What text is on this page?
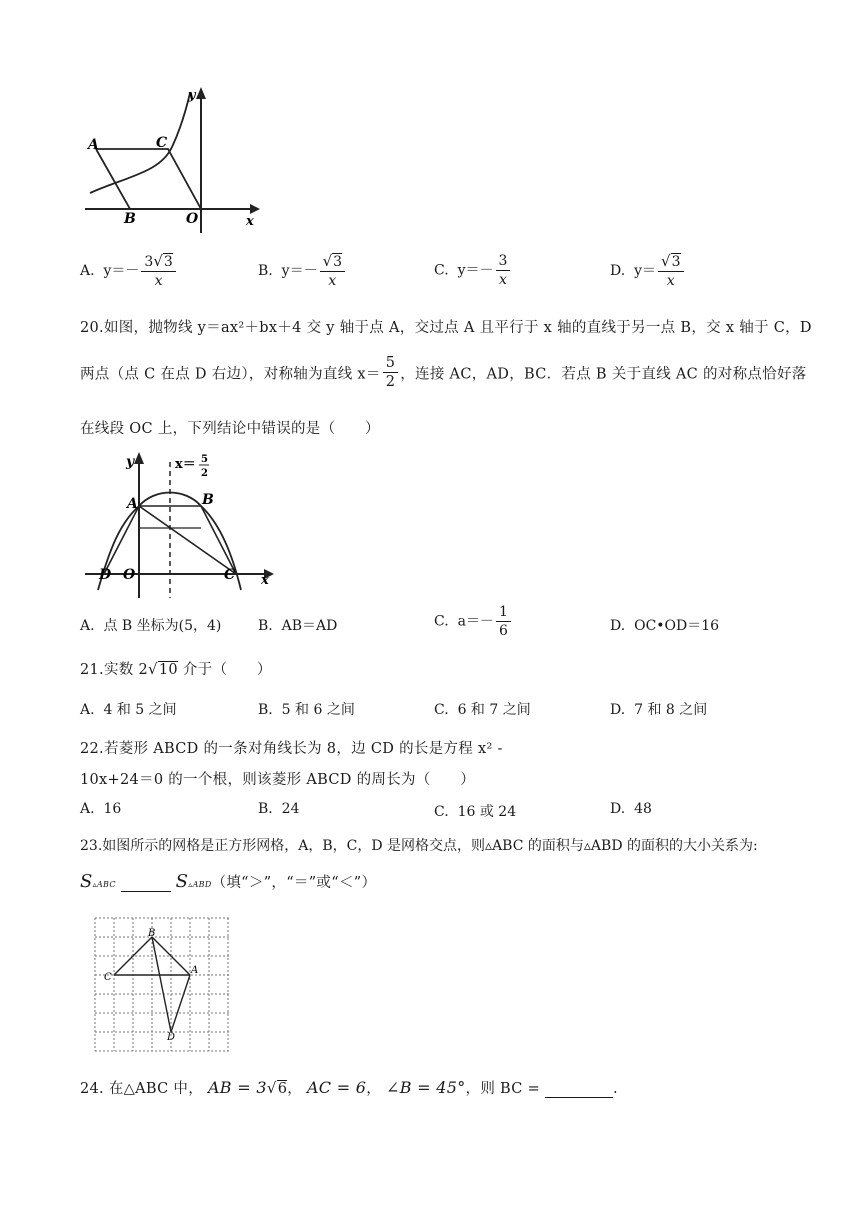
A	C
B	O	x
y
A. $y=- \frac{3√3}{x}$	B. $y=- \frac{√3}{x}$	C. $y=- \frac{3}{x}$	D. $y= \frac{√3}{x}$
20.如图，抛物线 y＝ax²＋bx＋4 交 y 轴于点 A，交过点 A 且平行于 x 轴的直线于另一点 B，交 x 轴于 C，D
两点（点 C 在点 D 右边），对称轴为直线 $x= \frac{5}{2}$ ，连接 AC，AD，BC．若点 B 关于直线 AC 的对称点恰好落
在线段 OC 上，下列结论中错误的是（　　）
y	x＝ 5
2
A	B
C
D O	x
A. 点 B 坐标为(5，4)	B. AB＝AD	C. $a=- \frac{1}{6}$	D. OC•OD＝16
21.实数 2√10 介于（　　）
A. 4 和 5 之间	B. 5 和 6 之间	C. 6 和 7 之间	D. 7 和 8 之间
22.若菱形 ABCD 的一条对角线长为 8，边 CD 的长是方程 x² -
10x+24＝0 的一个根，则该菱形 ABCD 的周长为（　　）
A. 16	B. 24	C. 16 或 24	D. 48
23.如图所示的网格是正方形网格，A，B，C，D 是网格交点，则▵ABC 的面积与▵ABD 的面积的大小关系为:
S▵ABC	S▵ABD（填“＞”，“＝”或“＜”）
B
C
A
D
24. 在△ABC 中， AB = 3√6， AC = 6， ∠B = 45°，则 BC =	.
